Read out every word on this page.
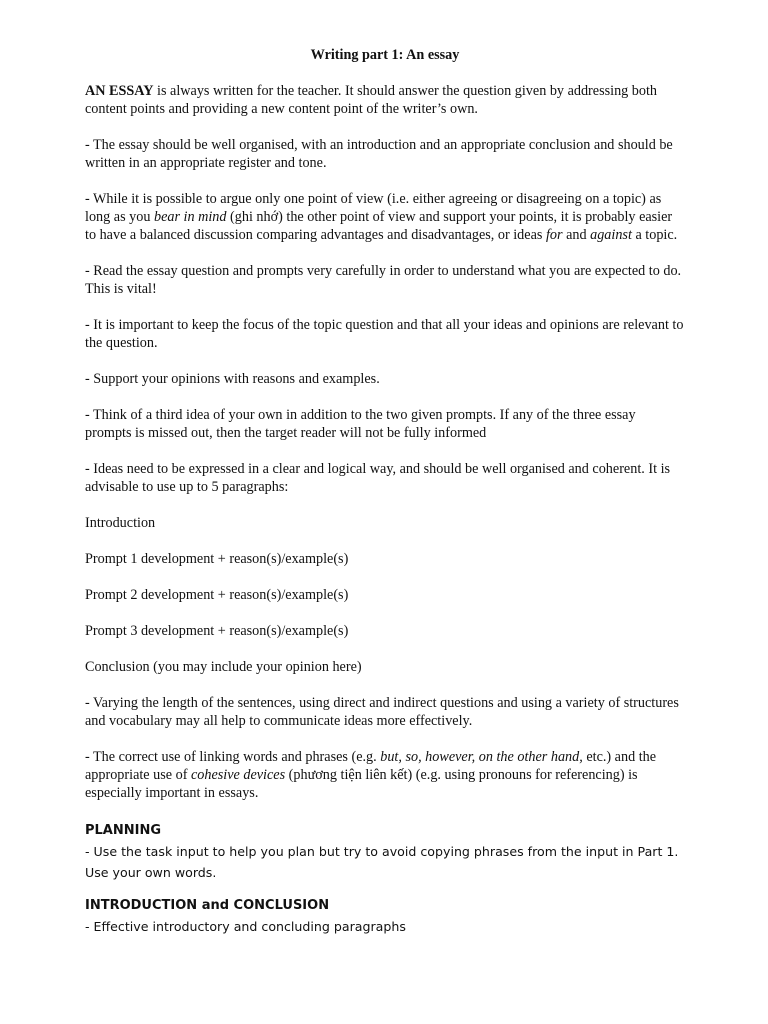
Writing part 1: An essay

AN ESSAY is always written for the teacher. It should answer the question given by addressing both content points and providing a new content point of the writer’s own.

- The essay should be well organised, with an introduction and an appropriate conclusion and should be written in an appropriate register and tone.

- While it is possible to argue only one point of view (i.e. either agreeing or disagreeing on a topic) as long as you bear in mind (ghi nhớ) the other point of view and support your points, it is probably easier to have a balanced discussion comparing advantages and disadvantages, or ideas for and against a topic.

- Read the essay question and prompts very carefully in order to understand what you are expected to do. This is vital!

- It is important to keep the focus of the topic question and that all your ideas and opinions are relevant to the question.

- Support your opinions with reasons and examples.

- Think of a third idea of your own in addition to the two given prompts. If any of the three essay prompts is missed out, then the target reader will not be fully informed

- Ideas need to be expressed in a clear and logical way, and should be well organised and coherent. It is advisable to use up to 5 paragraphs:

Introduction

Prompt 1 development + reason(s)/example(s)

Prompt 2 development + reason(s)/example(s)

Prompt 3 development + reason(s)/example(s)

Conclusion (you may include your opinion here)

- Varying the length of the sentences, using direct and indirect questions and using a variety of structures and vocabulary may all help to communicate ideas more effectively.

- The correct use of linking words and phrases (e.g. but, so, however, on the other hand, etc.) and the appropriate use of cohesive devices (phương tiện liên kết) (e.g. using pronouns for referencing) is especially important in essays.

PLANNING
- Use the task input to help you plan but try to avoid copying phrases from the input in Part 1. Use your own words.
INTRODUCTION and CONCLUSION
- Effective introductory and concluding paragraphs
